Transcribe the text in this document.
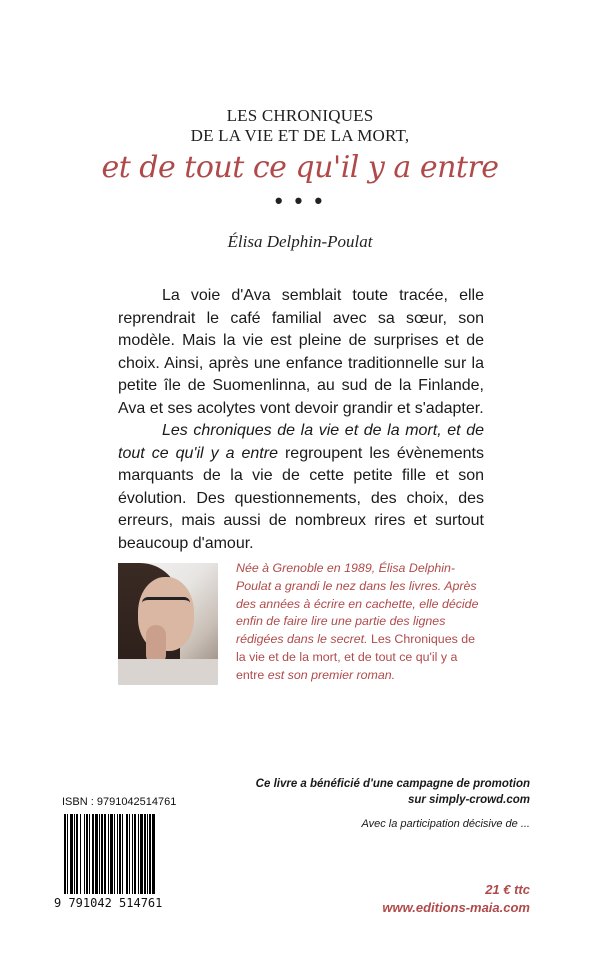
LES CHRONIQUES
DE LA VIE ET DE LA MORT,
et de tout ce qu'il y a entre
• • •
Élisa Delphin-Poulat

La voie d'Ava semblait toute tracée, elle reprendrait le café familial avec sa sœur, son modèle. Mais la vie est pleine de surprises et de choix. Ainsi, après une enfance traditionnelle sur la petite île de Suomenlinna, au sud de la Finlande, Ava et ses acolytes vont devoir grandir et s'adapter.

Les chroniques de la vie et de la mort, et de tout ce qu'il y a entre regroupent les évènements marquants de la vie de cette petite fille et son évolution. Des questionnements, des choix, des erreurs, mais aussi de nombreux rires et surtout beaucoup d'amour.

Née à Grenoble en 1989, Élisa Delphin-Poulat a grandi le nez dans les livres. Après des années à écrire en cachette, elle décide enfin de faire lire une partie des lignes rédigées dans le secret. Les Chroniques de la vie et de la mort, et de tout ce qu'il y a entre est son premier roman.
Ce livre a bénéficié d'une campagne de promotion
sur simply-crowd.com
Avec la participation décisive de ...
ISBN : 9791042514761
9 791042 514761
21 € ttc
www.editions-maia.com
